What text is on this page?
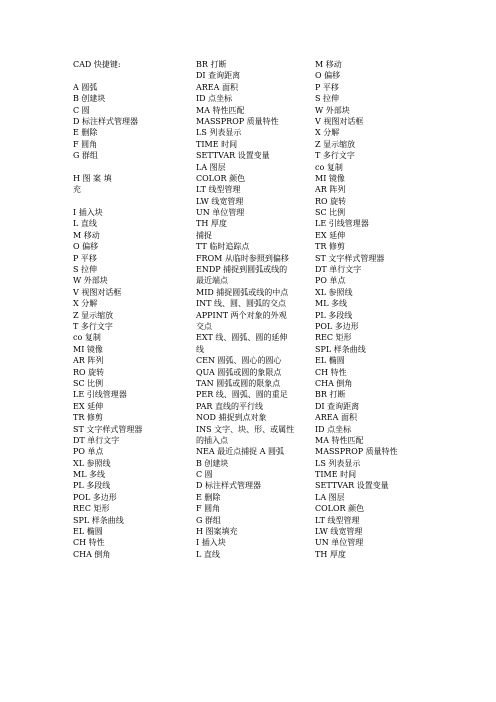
CAD 快捷键:
A 圆弧
B 创建块
C 圆
D 标注样式管理器
E 删除
F 圆角
G 群组
H 图 案 填
充
I 插入块
L 直线
M 移动
O 偏移
P 平移
S 拉伸
W 外部块
V 视图对话框
X 分解
Z 显示缩放
T 多行文字
co 复制
MI 镜像
AR 阵列
RO 旋转
SC 比例
LE 引线管理器
EX 延伸
TR 修剪
ST 文字样式管理器
DT 单行文字
PO 单点
XL 参照线
ML 多线
PL 多段线
POL 多边形
REC 矩形
SPL 样条曲线
EL 椭圆
CH 特性
CHA 倒角
BR 打断
DI 查询距离
AREA 面积
ID 点坐标
MA 特性匹配
MASSPROP 质量特性
LS 列表显示
TIME 时间
SETTVAR 设置变量
LA 图层
COLOR 颜色
LT 线型管理
LW 线宽管理
UN 单位管理
TH 厚度
捕捉
TT 临时追踪点
FROM 从临时参照到偏移
ENDP 捕捉到圆弧或线的
最近端点
MID 捕捉圆弧或线的中点
INT 线、圆、圆弧的交点
APPINT 两个对象的外观
交点
EXT 线、圆弧、圆的延伸
线
CEN 圆弧、圆心的圆心
QUA 圆弧或圆的象限点
TAN 圆弧或圆的限象点
PER 线、圆弧、圆的重足
PAR 直线的平行线
NOD 捕捉到点对象
INS 文字、块、形、或属性
的插入点
NEA 最近点捕捉 A 圆弧
B 创建块
C 圆
D 标注样式管理器
E 删除
F 圆角
G 群组
H 图案填充
I 插入块
L 直线
M 移动
O 偏移
P 平移
S 拉伸
W 外部块
V 视图对话框
X 分解
Z 显示缩放
T 多行文字
co 复制
MI 镜像
AR 阵列
RO 旋转
SC 比例
LE 引线管理器
EX 延伸
TR 修剪
ST 文字样式管理器
DT 单行文字
PO 单点
XL 参照线
ML 多线
PL 多段线
POL 多边形
REC 矩形
SPL 样条曲线
EL 椭圆
CH 特性
CHA 倒角
BR 打断
DI 查询距离
AREA 面积
ID 点坐标
MA 特性匹配
MASSPROP 质量特性
LS 列表显示
TIME 时间
SETTVAR 设置变量
LA 图层
COLOR 颜色
LT 线型管理
LW 线宽管理
UN 单位管理
TH 厚度
